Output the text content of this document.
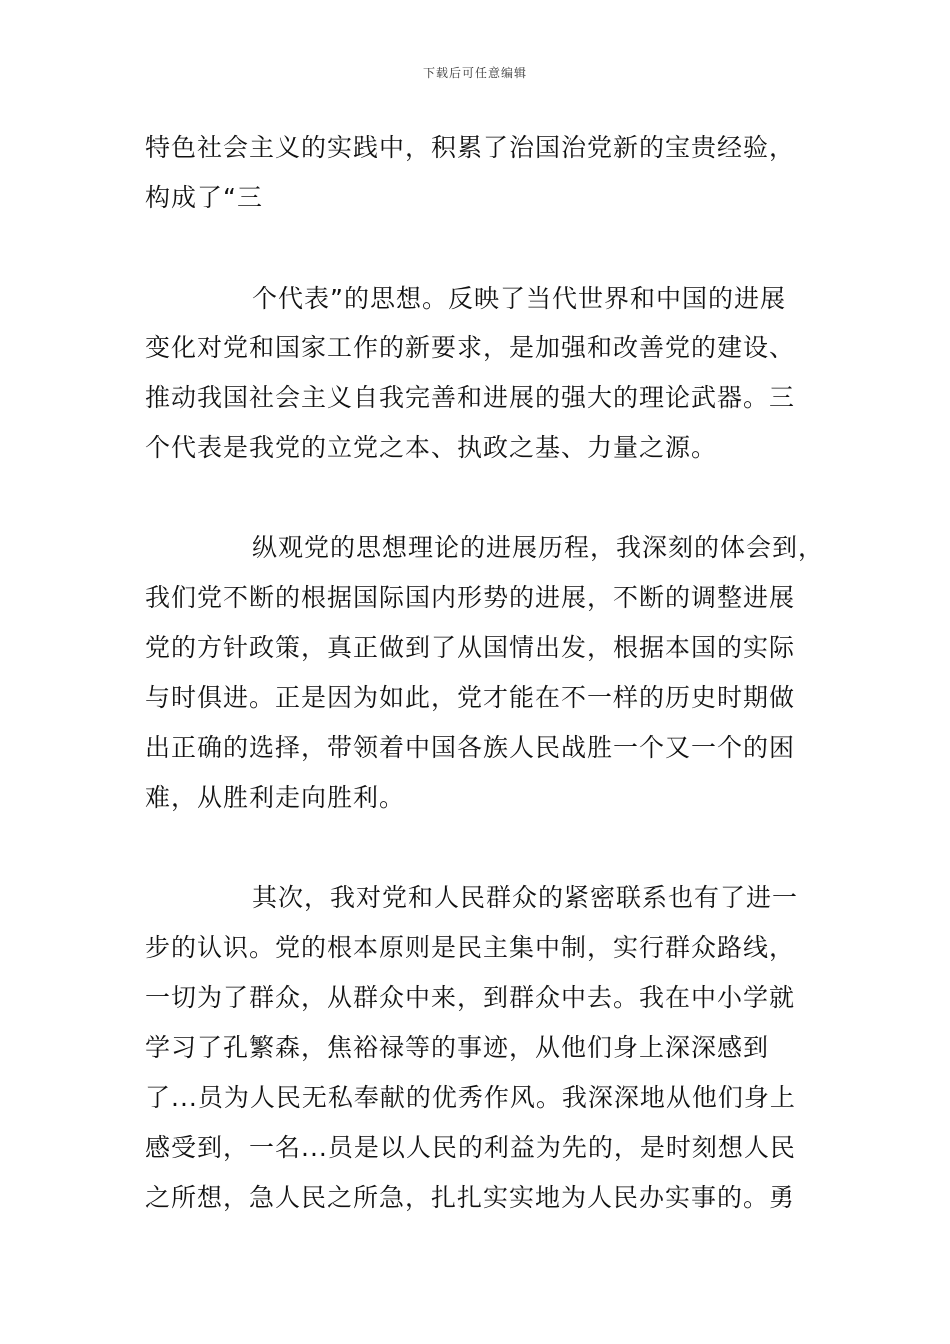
下载后可任意编辑
特色社会主义的实践中，积累了治国治党新的宝贵经验，
构成了“三
个代表”的思想。反映了当代世界和中国的进展
变化对党和国家工作的新要求，是加强和改善党的建设、
推动我国社会主义自我完善和进展的强大的理论武器。三
个代表是我党的立党之本、执政之基、力量之源。
纵观党的思想理论的进展历程，我深刻的体会到，
我们党不断的根据国际国内形势的进展，不断的调整进展
党的方针政策，真正做到了从国情出发，根据本国的实际
与时俱进。正是因为如此，党才能在不一样的历史时期做
出正确的选择，带领着中国各族人民战胜一个又一个的困
难，从胜利走向胜利。
其次，我对党和人民群众的紧密联系也有了进一
步的认识。党的根本原则是民主集中制，实行群众路线，
一切为了群众，从群众中来，到群众中去。我在中小学就
学习了孔繁森，焦裕禄等的事迹，从他们身上深深感到
了...员为人民无私奉献的优秀作风。我深深地从他们身上
感受到，一名...员是以人民的利益为先的，是时刻想人民
之所想，急人民之所急，扎扎实实地为人民办实事的。勇
